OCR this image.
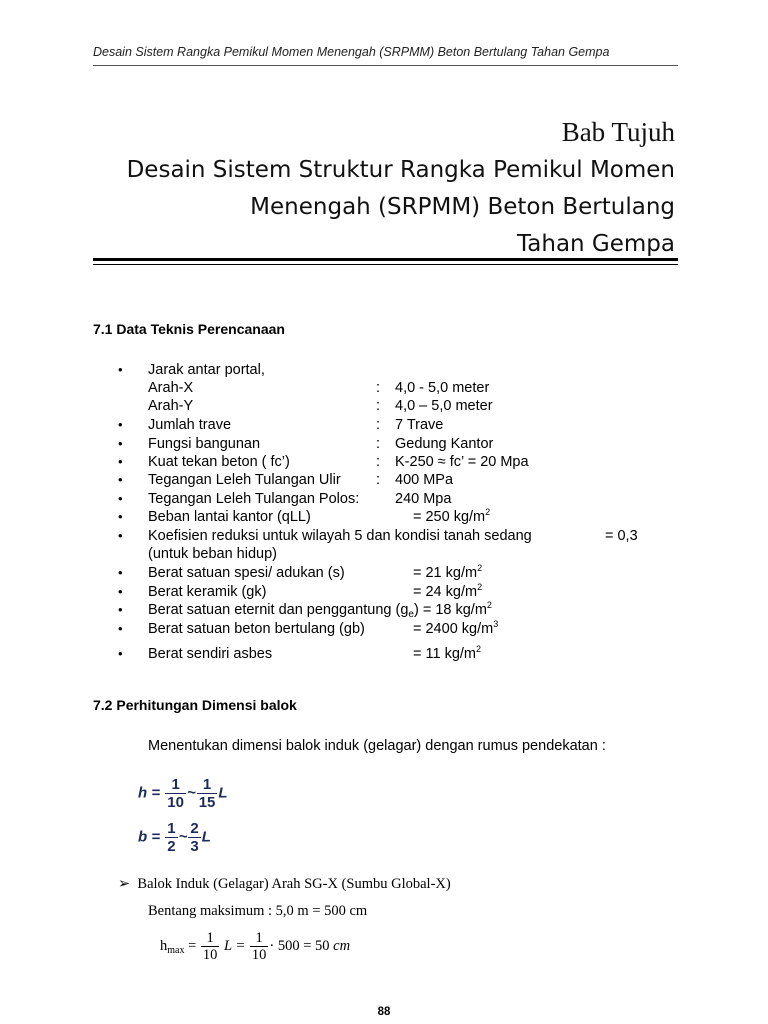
Desain Sistem Rangka Pemikul Momen Menengah (SRPMM) Beton Bertulang Tahan Gempa
Bab Tujuh
Desain Sistem Struktur Rangka Pemikul Momen
Menengah (SRPMM) Beton Bertulang
Tahan Gempa
7.1 Data Teknis Perencanaan
• Jarak antar portal,
Arah-X	: 4,0 - 5,0 meter
Arah-Y	: 4,0 – 5,0 meter
• Jumlah trave	: 7 Trave
• Fungsi bangunan	: Gedung Kantor
• Kuat tekan beton ( fc’)	: K-250 ≈ fc’ = 20 Mpa
• Tegangan Leleh Tulangan Ulir : 400 MPa
• Tegangan Leleh Tulangan Polos: 240 Mpa
• Beban lantai kantor (qLL)	= 250 $kg/m^2$
• Koefisien reduksi untuk wilayah 5 dan kondisi tanah sedang	= 0,3
(untuk beban hidup)
• Berat satuan spesi/ adukan (s)	= 21 $kg/m^2$
• Berat keramik (gk)	= 24 $kg/m^2$
• Berat satuan eternit dan penggantung $(g_e) = 18$ $kg/m^2$
• Berat satuan beton bertulang (gb)	= 2400 $kg/m^3$
• Berat sendiri asbes	= 11 $kg/m^2$
7.2 Perhitungan Dimensi balok
Menentukan dimensi balok induk (gelagar) dengan rumus pendekatan :
$h = \frac{1}{10}$ ~ $\frac{1}{15}$ L
$b = \frac{1}{2}$ ~ $\frac{2}{3}$ L
➢ Balok Induk (Gelagar) Arah SG-X (Sumbu Global-X)
Bentang maksimum : 5,0 m = 500 cm
$h_{max} = \frac{1}{10}$ $L = \frac{1}{10} \cdot 500 = 50$ cm
88
